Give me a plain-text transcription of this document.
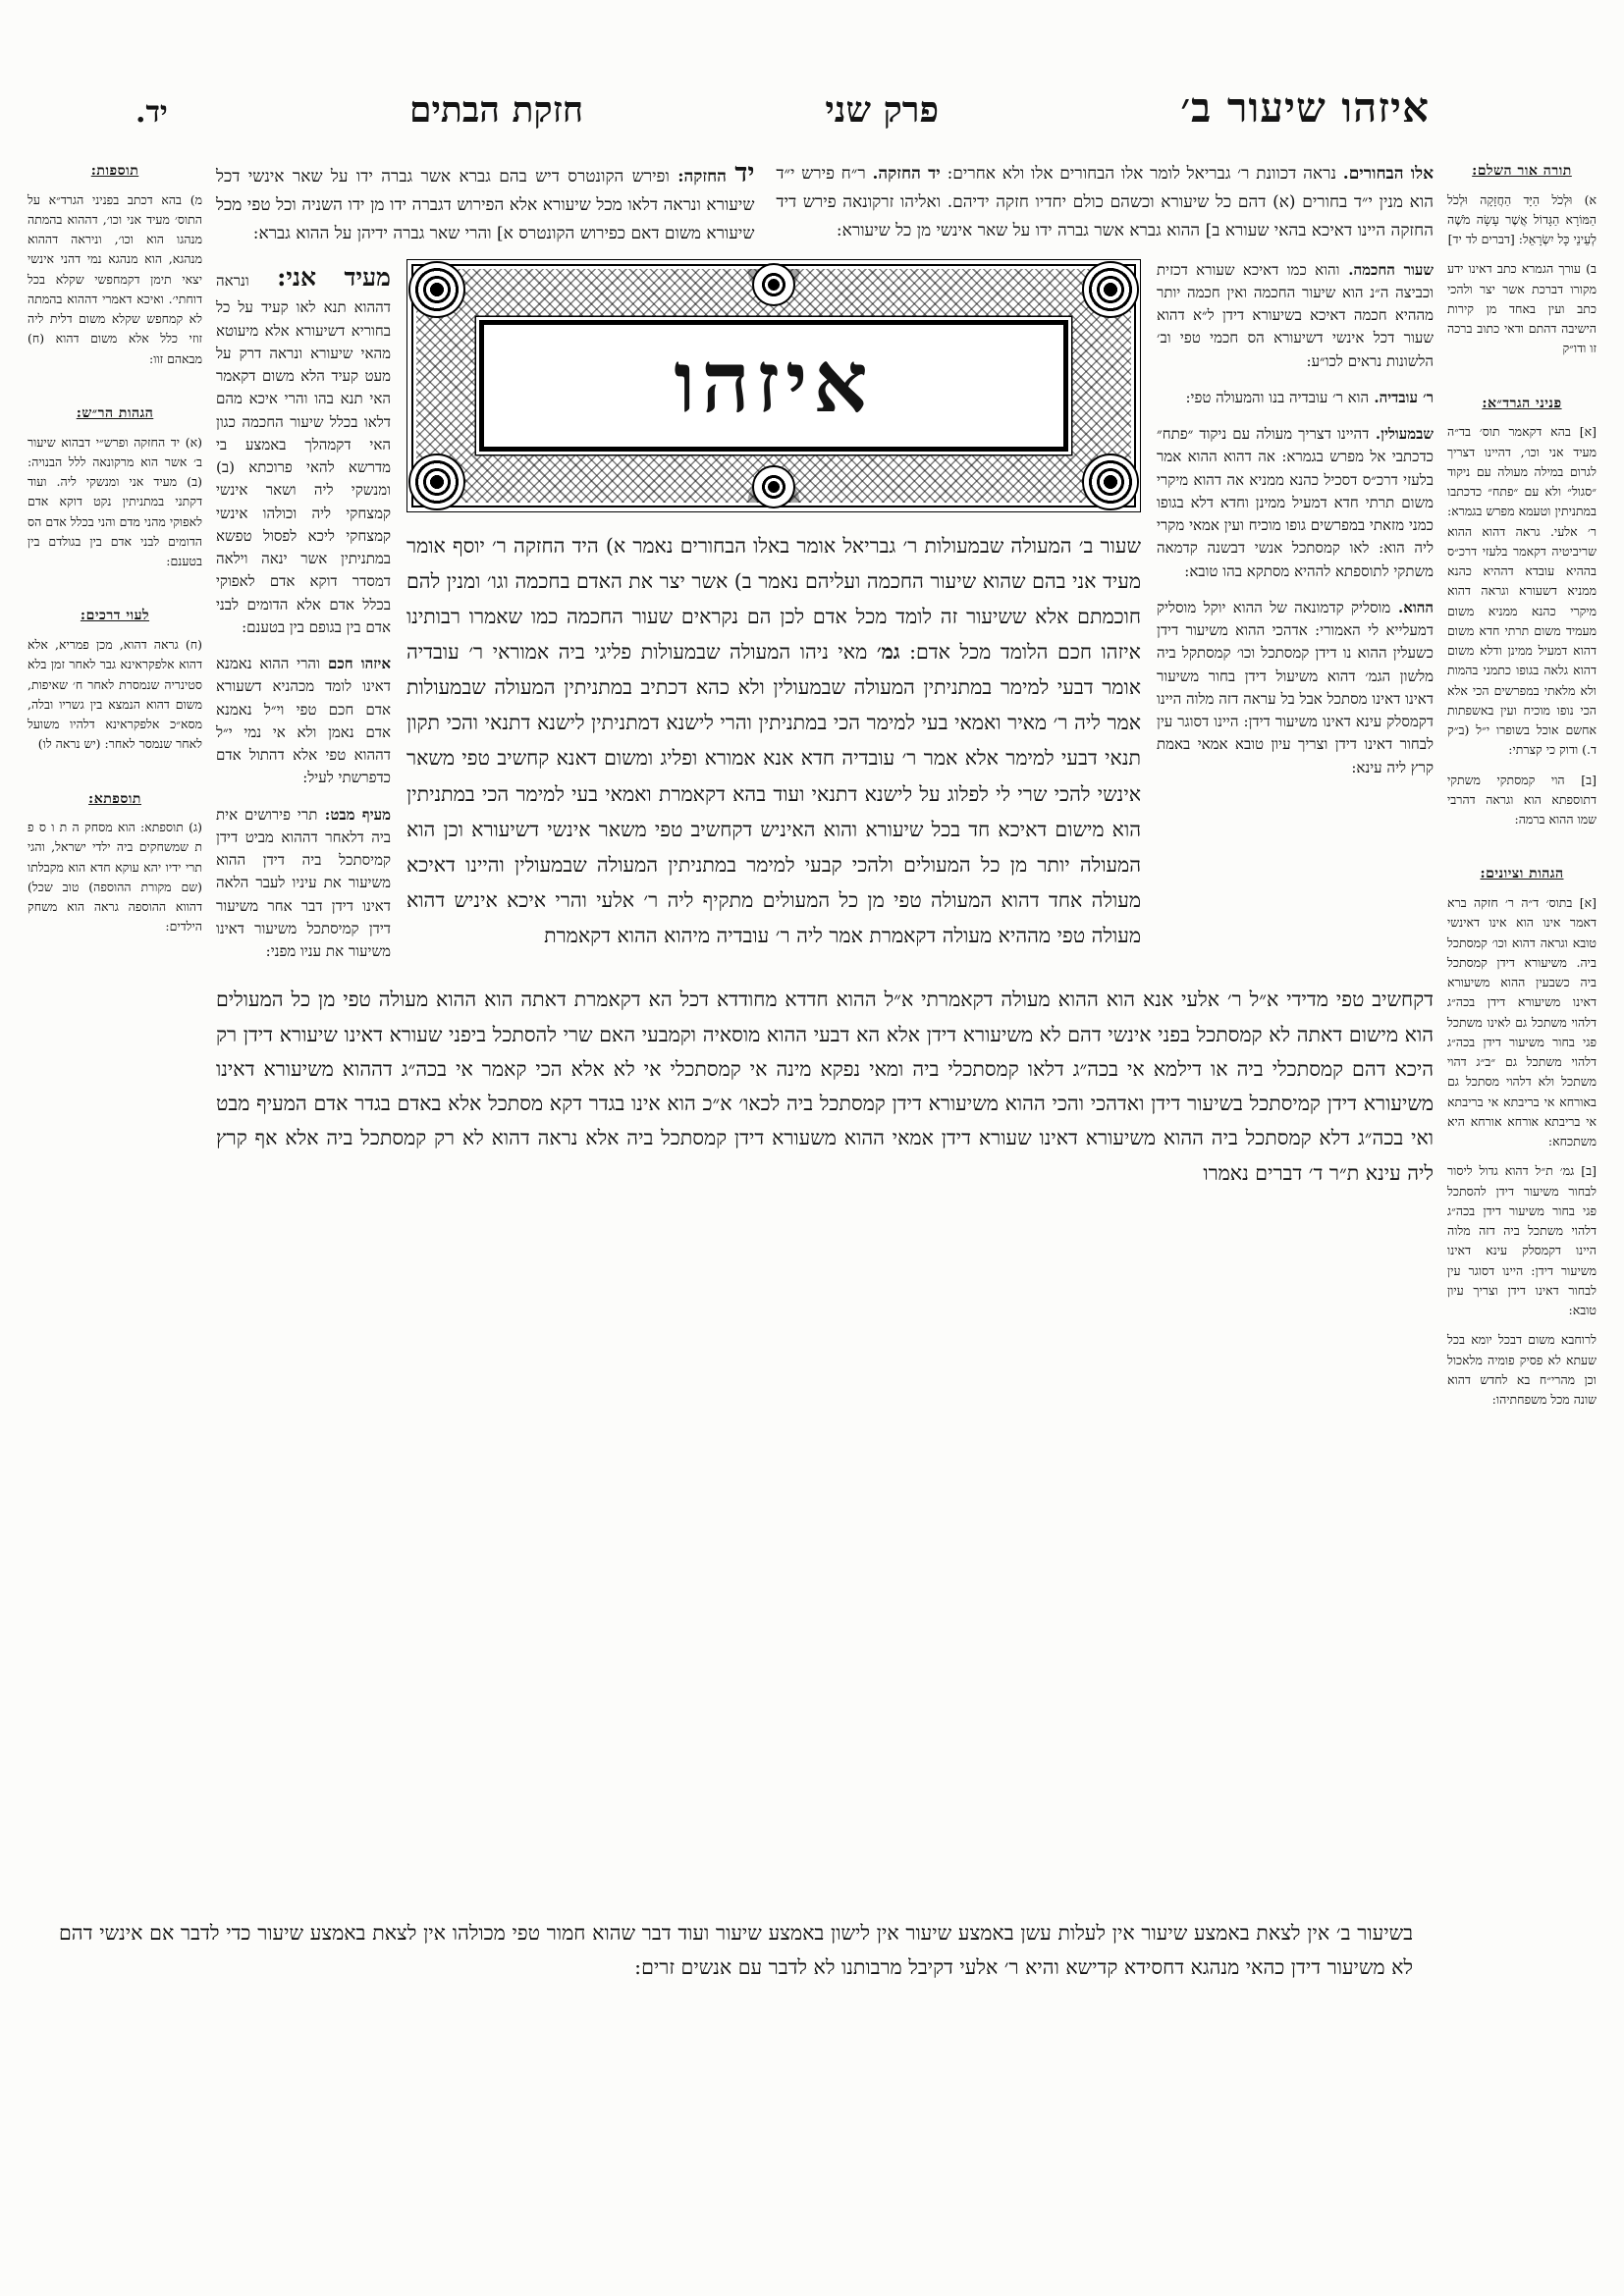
איזהו שיעור ב׳
פרק שני
חזקת הבתים
יד.
תורה אור השלם:

א) וּלְכֹל הַיָּד הַחֲזָקָה וּלְכֹל הַמּוֹרָא הַגָּדוֹל אֲשֶׁר עָשָׂה מֹשֶׁה לְעֵינֵי כָּל יִשְׂרָאֵל: [דברים לד יד]

ב) עורך הגמרא כתב דאינו ידע מקורו דברכת אשר יצר ולהכי כתב ועין באחד מן קירות הישיבה דהתם ודאי כתוב ברכה זו ודו״ק

פניני הגרד״א:

[א] בהא דקאמר תוס׳ בד״ה מעיד אני וכו׳, דהיינו דצריך לגרום במילה מעולה עם ניקוד ״סגול״ ולא עם ״פתח״ כדכתבו במתניתין וטעמא מפרש בגמרא: ר׳ אלעי. גראה דהוא ההוא שריביטיה דקאמר בלעזי דרכ״ס בההיא עובדא דההיא כהנא ממניא דשעורא וגראה דהוא מיקרי כהנא ממניא משום מעמיד משום תרתי חדא משום דהוא דמעיל ממינן ודלא משום דהוא גלאה בגופו כתמני בהמות ולא מלאתי במפרשים הכי אלא הכי נופו מוכיח ועין באשפתות אחשם אוכל בשופרו י״ל (ב״ק ד.) ודוק כי קצרתי:

[ב] הוי קמסתקי משתקי דתוספתא הוא וגראה דהרבי שמו ההוא ברמה:

הגהות וציונים:

[א] בתוס׳ ד״ה ר׳ חזקה ברא דאמר אינו הוא אינו דאינשי טובא וגראה דהוא וכו׳ קמסתכל ביה. משיעורא דידן קמסתכל ביה כשבעין ההוא משיעורא דאינו משיעורא דידן בכה״ג דלהוי משתכל גם לאינו משתכל פגי בחור משיעור דידן בכה״ג דלהוי משתכל גם ״ב״ג דהוי משתכל ולא דלהוי מסתכל גם באורחא אי בריבתא אי בריבתא אי בריבתא אורחא אורחא היא משתכחא:

[ב] גמ׳ ת״ל דהוא גדול ליסור לבחור משיעור דידן להסתכל פגי בחור משיעור דידן בכה״ג דלהוי משתכל ביה דזה מלוה היינו דקמסלק עינא דאינו משיעור דידן: היינו דסוגר עין לבחור דאינו דידן וצריך עיון טובא:

לרוחבא משום דבכל יומא בכל שעתא לא פסיק פומיה מלאכול וכן מהרי״ח בא לחדש דהוא שונה מכל משפחתיהו:

אלו הבחורים. נראה דכוונת ר׳ גבריאל לומר אלו הבחורים אלו ולא אחרים: יד החזקה. ר״ח פירש י״ד הוא מנין י״ד בחורים (א) דהם כל שיעורא וכשהם כולם יחדיו חזקה ידיהם. ואליהו זרקונאה פירש דיד החזקה היינו דאיכא בהאי שעורא ב] ההוא גברא אשר גברה ידו על שאר אינשי מן כל שיעורא:
יד החזקה: ופירש הקונטרס דיש בהם גברא אשר גברה ידו על שאר אינשי דכל שיעורא ונראה דלאו מכל שיעורא אלא הפירוש דגברה ידו מן ידו השניה וכל טפי מכל שיעורא משום דאם כפירוש הקונטרס א] והרי שאר גברה ידיהן על ההוא גברא:
שעור החכמה. והוא כמו דאיכא שעורא דכזית וכביצה ה״נ הוא שיעור החכמה ואין חכמה יותר מההיא חכמה דאיכא בשיעורא דידן ל״א דהוא שעור דכל אינשי דשיעורא הס חכמי טפי וב׳ הלשונות נראים לכו״ע:
ר׳ עובדיה. הוא ר׳ עובדיה בנו והמעולה טפי:
שבמעולין. דהיינו דצריך מעולה עם ניקוד ״פתח״ כדכתבי אל מפרש בגמרא: אה דהוא ההוא אמר בלעזי דרכ״ס דסכיל כהנא ממניא אה דהוא מיקרי משום תרתי חדא דמעיל ממינן וחדא דלא בגופו כמני מזאתי במפרשים גופו מוכיח ועין אמאי מקרי ליה הוא: לאו קמסתכל אנשי דבשנה קדמאה משתקי לתוספתא לההיא מסתקא בהו טובא:
ההוא. מוסליק קדמונאה של ההוא יוקל מוסליק דמעלייא לי האמורי: אדהכי ההוא משיעור דידן כשעלין ההוא נו דידן קמסתכל וכו׳ קמסתקל ביה מלשון הגמ׳ דהוא משיעול דידן בחור משיעור דאינו דאינו מסתכל אבל בל עראה דזה מלוה היינו דקמסלק עינא דאינו משיעור דידן: היינו דסוגר עין לבחור דאינו דידן וצריך עיון טובא אמאי באמת קרץ ליה עינא:
איזהו
שעור ב׳ המעולה שבמעולות ר׳ גבריאל אומר באלו הבחורים נאמר א) היד החזקה ר׳ יוסף אומר מעיד אני בהם שהוא שיעור החכמה ועליהם נאמר ב) אשר יצר את האדם בחכמה וגו׳ ומנין להם חוכמתם אלא ששיעור זה לומד מכל אדם לכן הם נקראים שעור החכמה כמו שאמרו רבותינו איזהו חכם הלומד מכל אדם: גמ׳ מאי ניהו המעולה שבמעולות פליגי ביה אמוראי ר׳ עובדיה אומר דבעי למימר במתניתין המעולה שבמעולין ולא כהא דכתיב במתניתין המעולה שבמעולות אמר ליה ר׳ מאיר ואמאי בעי למימר הכי במתניתין והרי לישנא דמתניתין לישנא דתנאי והכי תקון תנאי דבעי למימר אלא אמר ר׳ עובדיה חדא אנא אמורא ופליג ומשום דאנא קחשיב טפי משאר אינשי להכי שרי לי לפלוג על לישנא דתנאי ועוד בהא דקאמרת ואמאי בעי למימר הכי במתניתין הוא מישום דאיכא חד בכל שיעורא והוא האיניש דקחשיב טפי משאר אינשי דשיעורא וכן הוא המעולה יותר מן כל המעולים ולהכי קבעי למימר במתניתין המעולה שבמעולין והיינו דאיכא מעולה אחד דהוא המעולה טפי מן כל המעולים מתקיף ליה ר׳ אלעי והרי איכא איניש דהוא מעולה טפי מההיא מעולה דקאמרת אמר ליה ר׳ עובדיה מיהוא ההוא דקאמרת
מעיד אני: ונראה דההוא תנא לאו קעיד על כל בחוריא דשיעורא אלא מיעוטא מהאי שיעורא ונראה דרק על מעט קעיד הלא משום דקאמר האי תנא בהו והרי איכא מהם דלאו בכלל שיעור החכמה כגון האי דקמהלך באמצע בי מדרשא להאי פרוכתא (ב) ומנשקי ליה ושאר אינשי קמצחקי ליה וכולהו אינשי קמצחקי ליכא לפסול טפשא במתניתין אשר ינאה וילאה דמסדר דוקא אדם לאפוקי בכלל אדם אלא הדומים לבני אדם בין בגופם בין בטענם:
איזהו חכם והרי ההוא נאמנא דאינו לומד מכהניא דשעורא אדם חכם טפי וי״ל נאמנא אדם נאמן ולא אי נמי י״ל דההוא טפי אלא דהתול אדם כדפרשתי לעיל:
מעיף מבט: תרי פירושים אית ביה דלאחר דההוא מביט דידן קמיסתכל ביה דידן ההוא משיעור את עיניו לעבר הלאה דאינו דידן דבר אחר משיעור דידן קמיסתכל משיעור דאינו משיעור את עניו מפני:
דקחשיב טפי מדידי א״ל ר׳ אלעי אנא הוא ההוא מעולה דקאמרתי א״ל ההוא חדדא מחודדא דכל הא דקאמרת דאתה הוא ההוא מעולה טפי מן כל המעולים הוא מישום דאתה לא קמסתכל בפני אינשי דהם לא משיעורא דידן אלא הא דבעי ההוא מוסאיה וקמבעי האם שרי להסתכל ביפני שעורא דאינו שיעורא דידן רק היכא דהם קמסתכלי ביה או דילמא אי בכה״ג דלאו קמסתכלי ביה ומאי נפקא מינה אי קמסתכלי אי לא אלא הכי קאמר אי בכה״ג דההוא משיעורא דאינו משיעורא דידן קמיסתכל בשיעור דידן ואדהכי והכי ההוא משיעורא דידן קמסתכל ביה לכאו׳ א״כ הוא אינו בגדר דקא מסתכל אלא באדם בגדר אדם המעיף מבט ואי בכה״ג דלא קמסתכל ביה ההוא משיעורא דאינו שעורא דידן אמאי ההוא משעורא דידן קמסתכל ביה אלא נראה דהוא לא רק קמסתכל ביה אלא אף קרץ ליה עינא ת״ר ד׳ דברים נאמרו
תוספות:

מ) בהא דכתב בפניני הגרד״א על התוס׳ מעיד אני וכו׳, דההוא בהמתה מנהגו הוא וכו׳, וניראה דההוא מנהגא, הוא מנהגא נמי דהני אינשי יצאי תימן דקמחפשי שקלא בכל דוחתי׳. ואיכא דאמרי דההוא בהמתה לא קמחפש שקלא משום דלית ליה זוזי כלל אלא משום דהוא (ח) מבאהם זוו:

הגהות הר״ש:

(א) יד החזקה ופרש״י דבהוא שיעור ב׳ אשר הוא מרקונאה ללל הבנויה: (ב) מעיד אני ומנשקי ליה. ועוד דקתני במתניתין נקט דוקא אדם לאפוקי מהני מדם והני בכלל אדם הס הדומים לבני אדם בין בגולדם בין בטענם:

לעוי דרכים:

(ח) גראה דהוא, מכן פמריא, אלא דהוא אלפקראינא גבר לאחר זמן בלא סטינריה שנמסרת לאחר ח׳ שאיפות, משום דהוא הנמצא בין גשריו ובלה, מסא״כ אלפקראינא דלהיו משועל לאחר שנמסר לאחר: (יש נראה לו)

תוספתא:

(ג) תוספתא: הוא מסחק ה ת ו ס פ ת שמשחקים ביה ילדי ישראל, והגי תרי ידיו יהא עוקא חדא הוא מקבלתו (שם מקורת ההוספה) טוב שכל) דהווא ההוספה גראה הוא משחק הילדים:

בשיעור ב׳ אין לצאת באמצע שיעור אין לעלות עשן באמצע שיעור אין לישון באמצע שיעור ועוד דבר שהוא חמור טפי מכולהו אין לצאת באמצע שיעור כדי לדבר אם אינשי דהם לא משיעור דידן כהאי מנהגא דחסידא קדישא והיא ר׳ אלעי דקיבל מרבותנו לא לדבר עם אנשים זרים:
